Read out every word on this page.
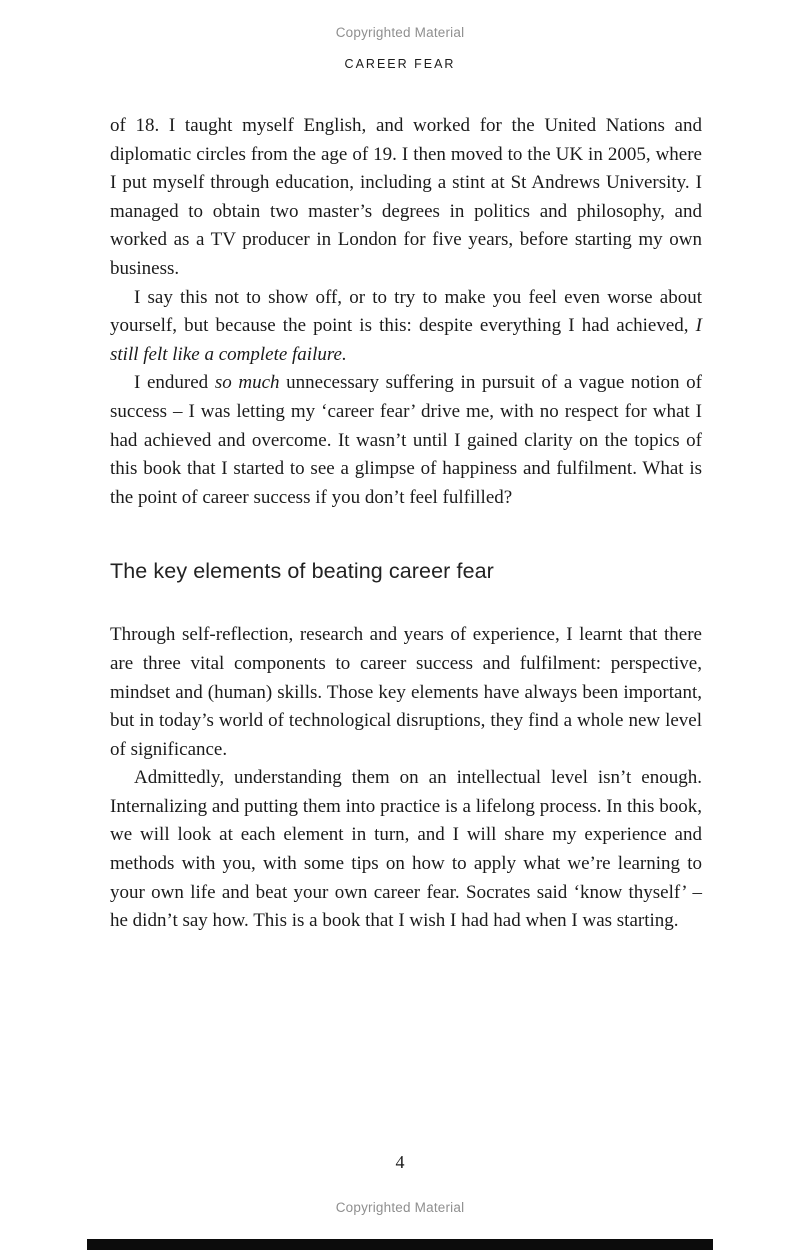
Copyrighted Material
CAREER FEAR

of 18. I taught myself English, and worked for the United Nations and diplomatic circles from the age of 19. I then moved to the UK in 2005, where I put myself through education, including a stint at St Andrews University. I managed to obtain two master’s degrees in politics and philosophy, and worked as a TV producer in London for five years, before starting my own business.

I say this not to show off, or to try to make you feel even worse about yourself, but because the point is this: despite everything I had achieved, I still felt like a complete failure.

I endured so much unnecessary suffering in pursuit of a vague notion of success – I was letting my ‘career fear’ drive me, with no respect for what I had achieved and overcome. It wasn’t until I gained clarity on the topics of this book that I started to see a glimpse of happiness and fulfilment. What is the point of career success if you don’t feel fulfilled?

The key elements of beating career fear

Through self-reflection, research and years of experience, I learnt that there are three vital components to career success and fulfilment: perspective, mindset and (human) skills. Those key elements have always been important, but in today’s world of technological disruptions, they find a whole new level of significance.

Admittedly, understanding them on an intellectual level isn’t enough. Internalizing and putting them into practice is a lifelong process. In this book, we will look at each element in turn, and I will share my experience and methods with you, with some tips on how to apply what we’re learning to your own life and beat your own career fear. Socrates said ‘know thyself’ – he didn’t say how. This is a book that I wish I had had when I was starting.

4
Copyrighted Material
